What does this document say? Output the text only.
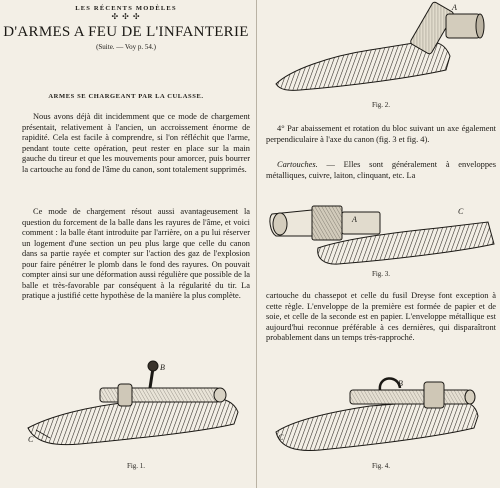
LES RÉCENTS MODÈLES
✣ ✣ ✣
D'ARMES A FEU DE L'INFANTERIE
(Suite. — Voy p. 54.)
ARMES SE CHARGEANT PAR LA CULASSE.

Nous avons déjà dit incidemment que ce mode de chargement présentait, relativement à l'ancien, un accroissement énorme de rapidité. Cela est facile à comprendre, si l'on réfléchit que l'arme, pendant toute cette opération, peut rester en place sur la main gauche du tireur et que les mouvements pour amorcer, puis bourrer la cartouche au fond de l'âme du canon, sont totalement supprimés.

Ce mode de chargement résout aussi avantageusement la question du forcement de la balle dans les rayures de l'âme, et voici comment : la balle étant introduite par l'arrière, on a pu lui réserver un logement d'une section un peu plus large que celle du canon dans sa partie rayée et compter sur l'action des gaz de l'explosion pour faire pénétrer le plomb dans le fond des rayures. On pouvait compter ainsi sur une déformation aussi régulière que possible de la balle et très-favorable par conséquent à la régularité du tir. La pratique a justifié cette hypothèse de la manière la plus complète.

C
B
Fig. 1.
A
Fig. 2.

4° Par abaissement et rotation du bloc suivant un axe également perpendiculaire à l'axe du canon (fig. 3 et fig. 4).

Cartouches. — Elles sont généralement à enveloppes métalliques, cuivre, laiton, clinquant, etc. La

A
C
Fig. 3.

cartouche du chassepot et celle du fusil Dreyse font exception à cette règle. L'enveloppe de la première est formée de papier et de soie, et celle de la seconde est en papier. L'enveloppe métallique est aujourd'hui reconnue préférable à ces dernières, qui disparaîtront probablement dans un temps très-rapproché.

C
B
Fig. 4.
